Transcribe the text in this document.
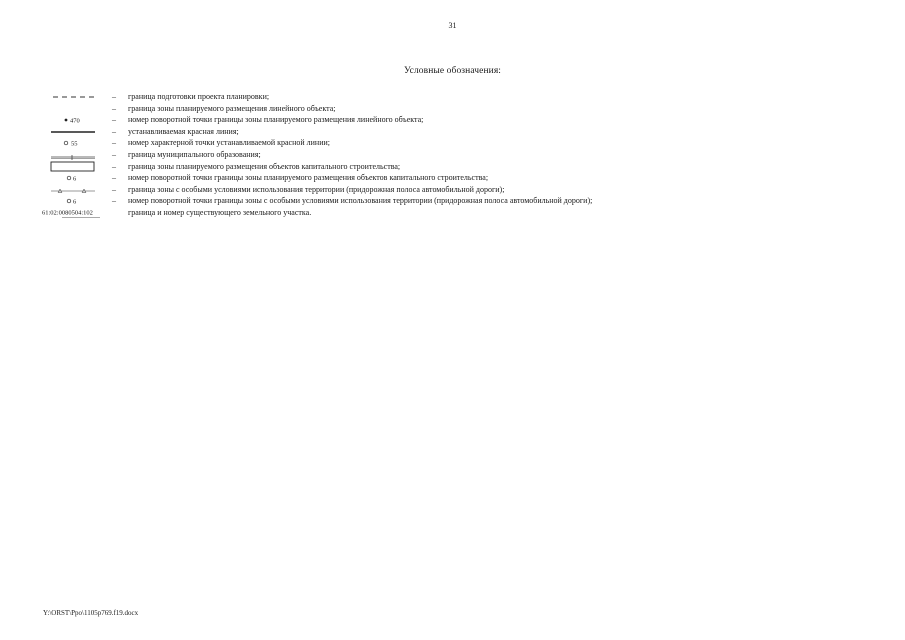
31
Условные обозначения:
– граница подготовки проекта планировки;
– граница зоны планируемого размещения линейного объекта;
470	– номер поворотной точки границы зоны планируемого размещения линейного объекта;
– устанавливаемая красная линия;
55	– номер характерной точки устанавливаемой красной линии;
– граница муниципального образования;
– граница зоны планируемого размещения объектов капитального строительства;
6	– номер поворотной точки границы зоны планируемого размещения объектов капитального строительства;
– граница зоны с особыми условиями использования территории (придорожная полоса автомобильной дороги);
6	– номер поворотной точки границы зоны с особыми условиями использования территории (придорожная полоса автомобильной дороги);
61:02:0080504:102	граница и номер существующего земельного участка.
Y:\ORST\Ppo\1105p769.f19.docx
